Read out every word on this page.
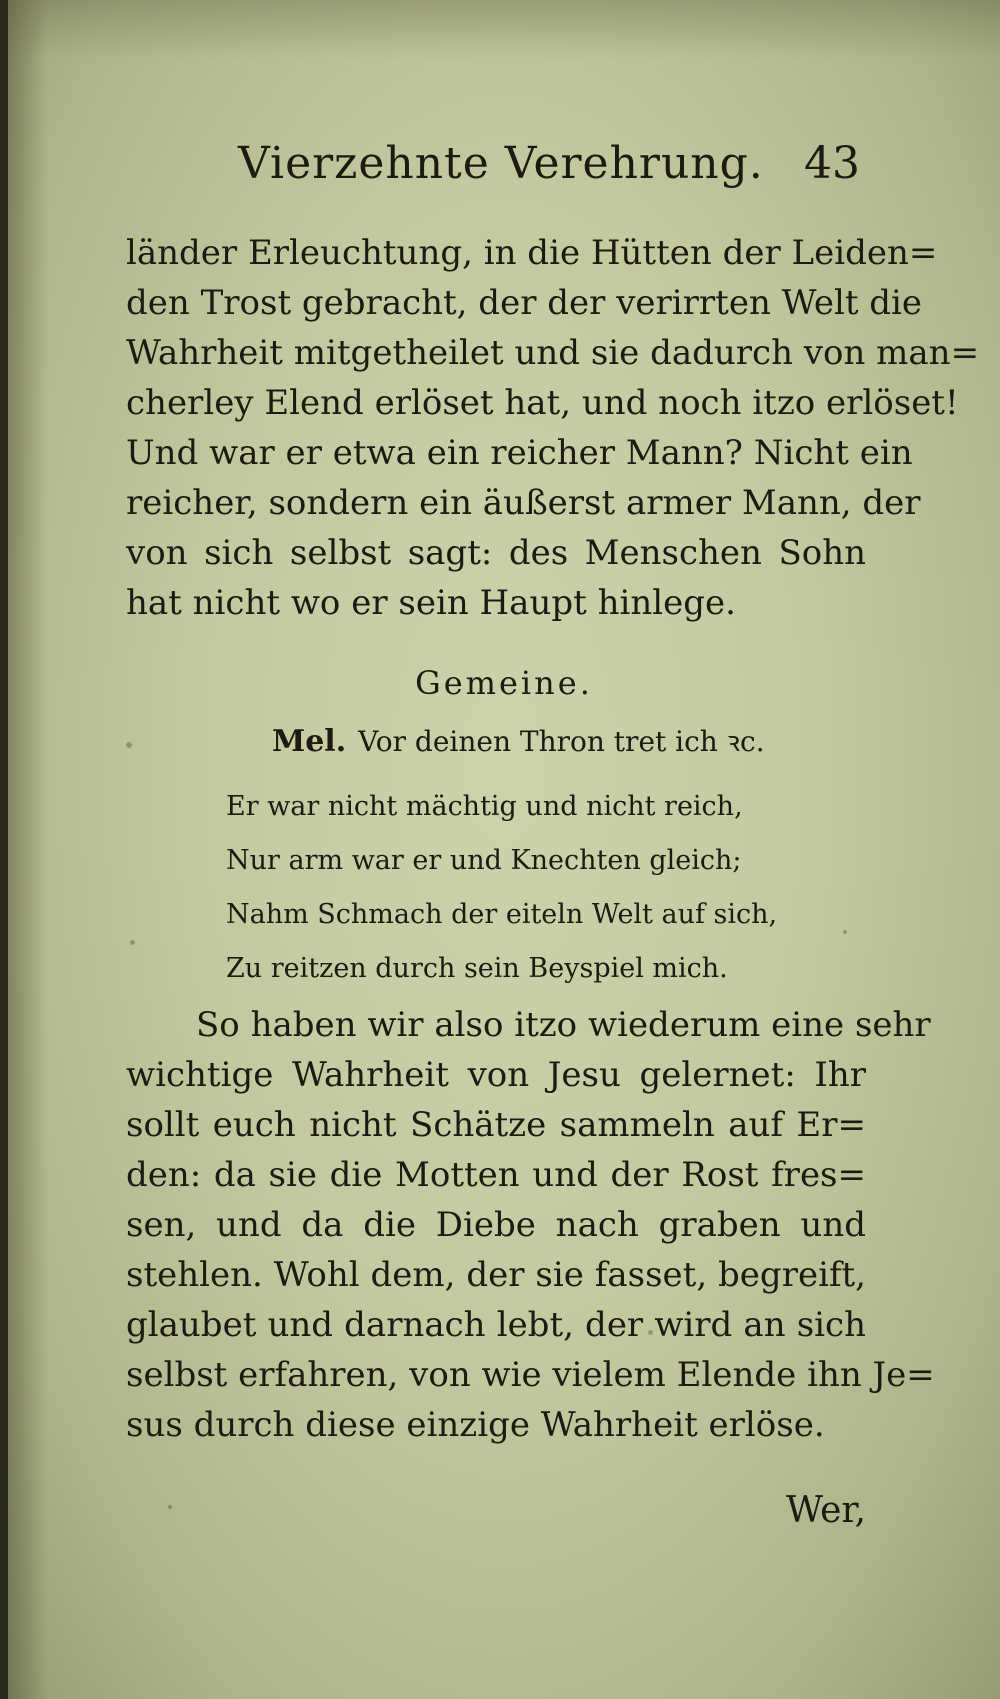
Vierzehnte Verehrung. 43
länder Erleuchtung, in die Hütten der Leiden=
den Trost gebracht, der der verirrten Welt die
Wahrheit mitgetheilet und sie dadurch von man=
cherley Elend erlöset hat, und noch itzo erlöset!
Und war er etwa ein reicher Mann? Nicht ein
reicher, sondern ein äußerst armer Mann, der
von sich selbst sagt: des Menschen Sohn
hat nicht wo er sein Haupt hinlege.
Gemeine.
Mel. Vor deinen Thron tret ich ꝛc.
Er war nicht mächtig und nicht reich,
Nur arm war er und Knechten gleich;
Nahm Schmach der eiteln Welt auf sich,
Zu reitzen durch sein Beyspiel mich.
So haben wir also itzo wiederum eine sehr
wichtige Wahrheit von Jesu gelernet: Ihr
sollt euch nicht Schätze sammeln auf Er=
den: da sie die Motten und der Rost fres=
sen, und da die Diebe nach graben und
stehlen. Wohl dem, der sie fasset, begreift,
glaubet und darnach lebt, der wird an sich
selbst erfahren, von wie vielem Elende ihn Je=
sus durch diese einzige Wahrheit erlöse.
Wer,
